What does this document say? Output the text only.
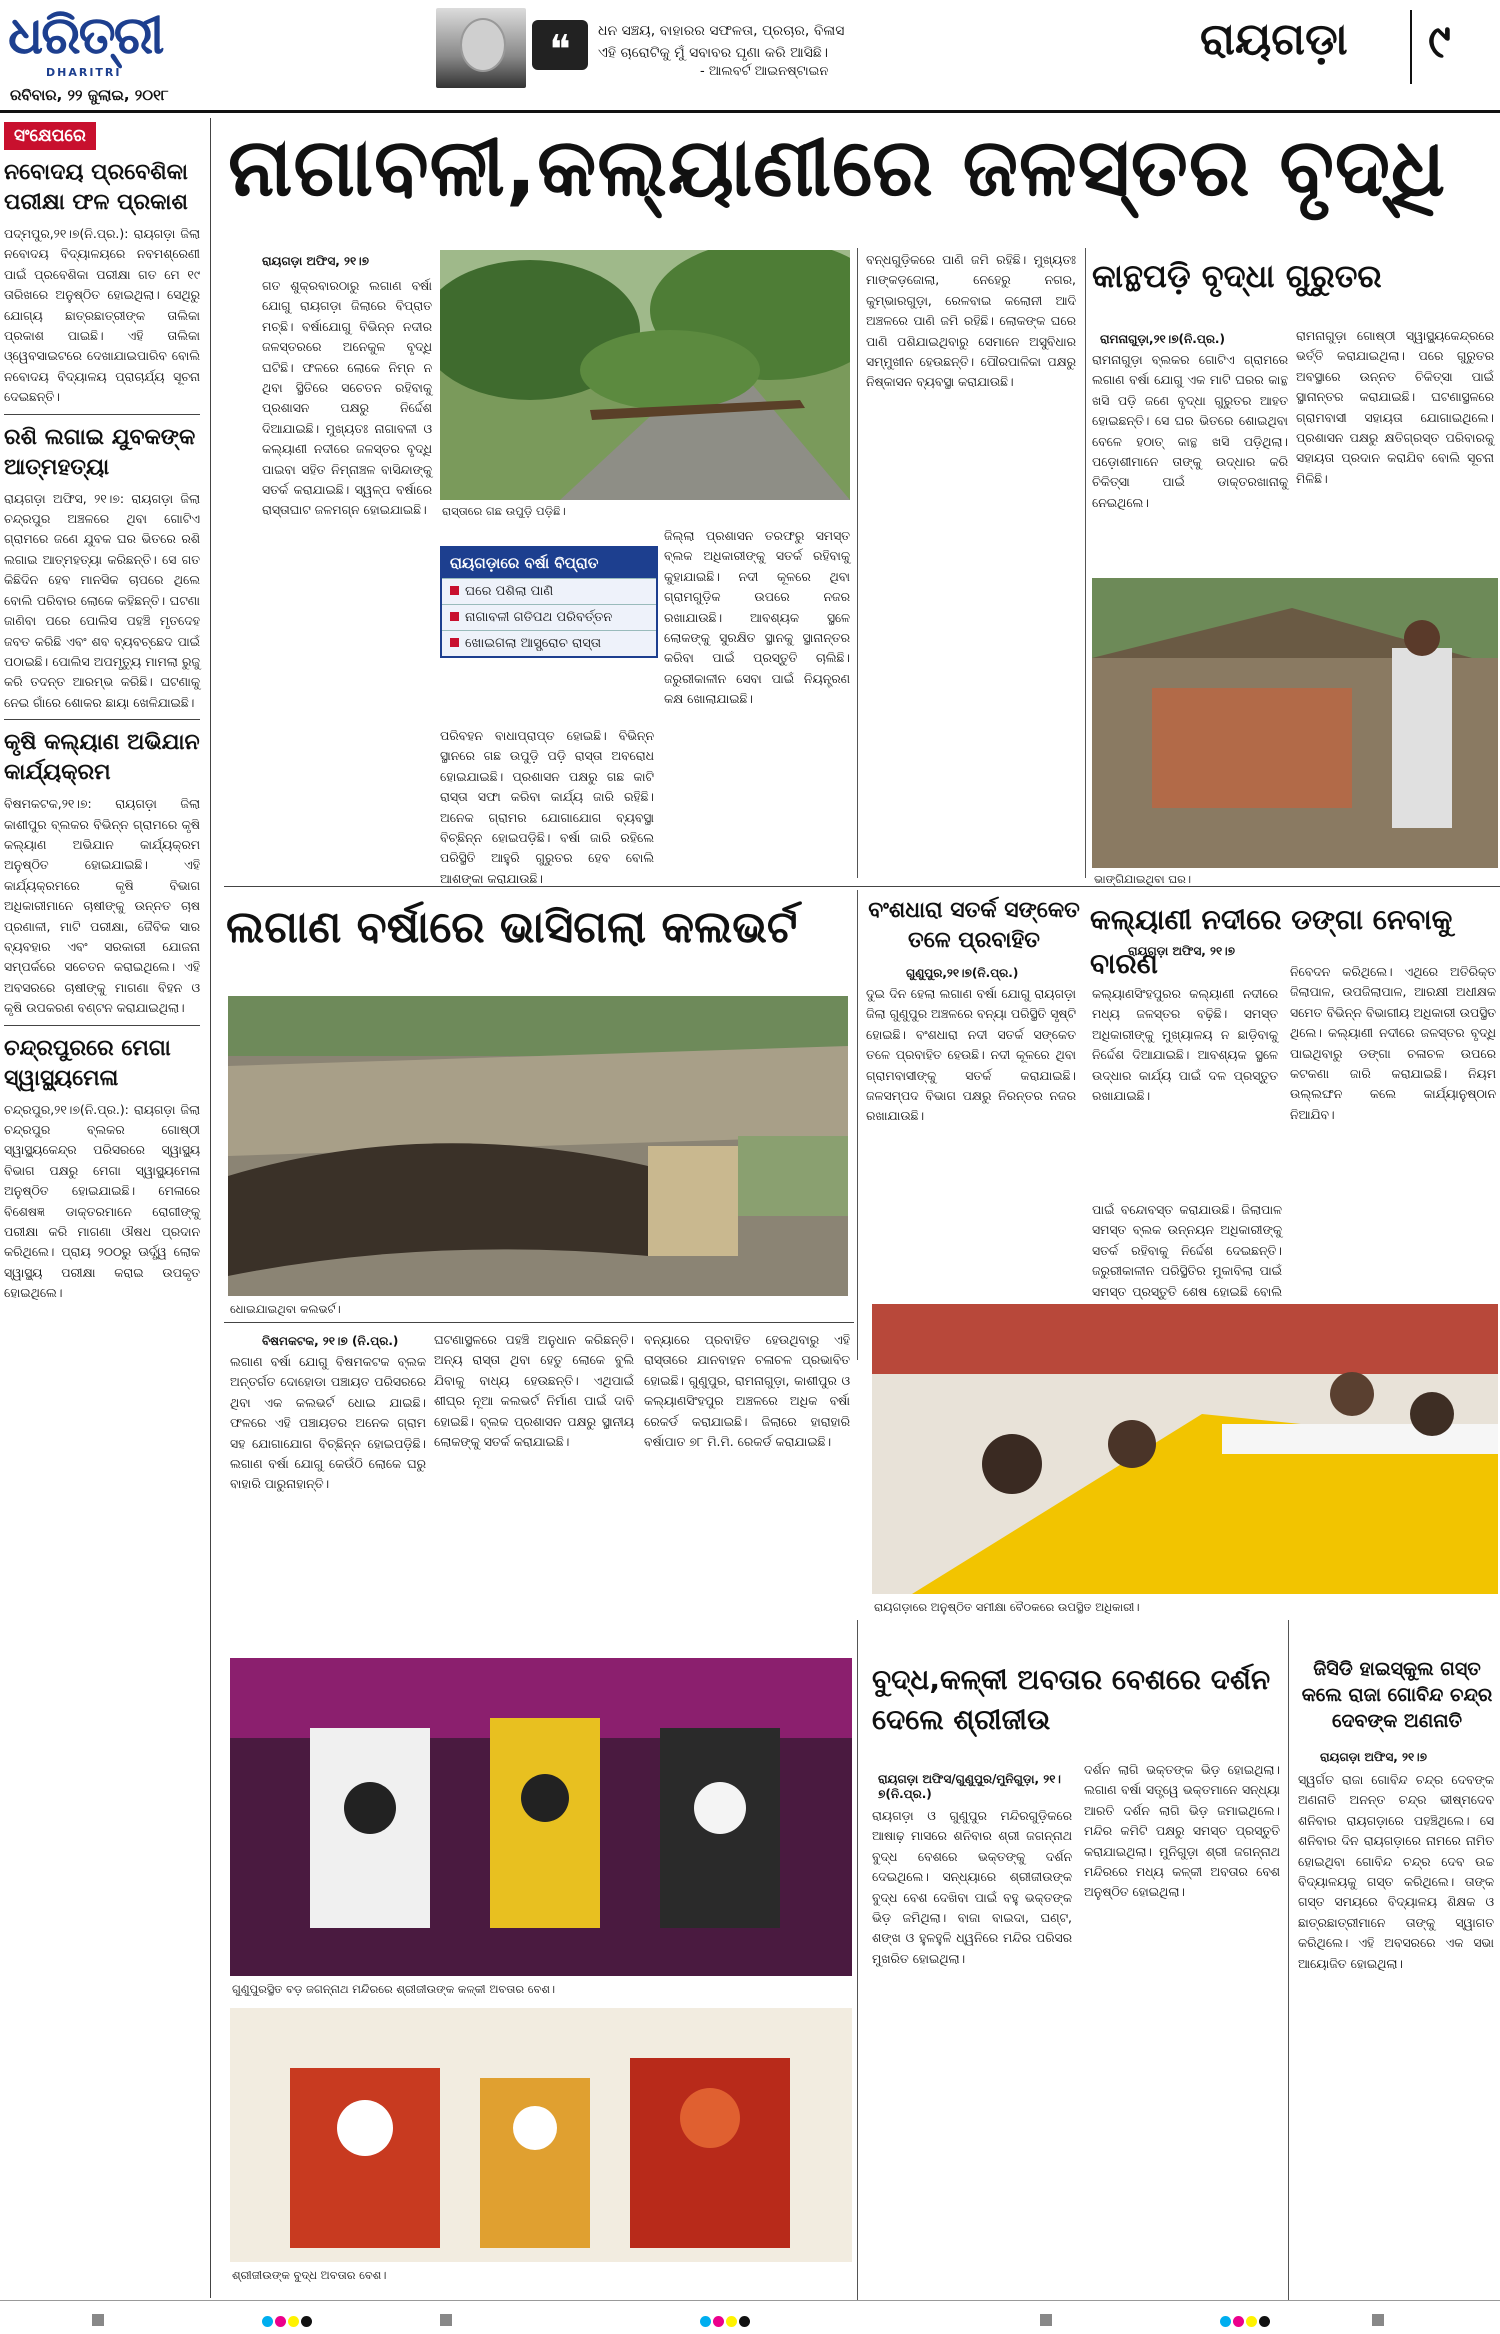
ଧରିତ୍ରୀ
DHARITRI
ରବିବାର, ୨୨ ଜୁଲାଇ, ୨୦୧୮
❝	ଧନ ସଞ୍ଚୟ, ବାହାରର ସଫଳତା, ପ୍ରଚାର, ବିଳାସ
ଏହି ଚାରୋଟିକୁ ମୁଁ ସବାବର ଘୃଣା କରି ଆସିଛି।
- ଆଲବର୍ଟ ଆଇନଷ୍ଟାଇନ
ରାୟଗଡ଼ା ୯
ସଂକ୍ଷେପରେ
ନବୋଦୟ ପ୍ରବେଶିକା ପରୀକ୍ଷା ଫଳ ପ୍ରକାଶ
ପଦ୍ମପୁର,୨୧।୭(ନି.ପ୍ର.): ରାୟଗଡ଼ା ଜିଲା ନବୋଦୟ ବିଦ୍ୟାଳୟରେ ନବମଶ୍ରେଣୀ ପାଇଁ ପ୍ରବେଶିକା ପରୀକ୍ଷା ଗତ ମେ ୧୯ ତାରିଖରେ ଅନୁଷ୍ଠିତ ହୋଇଥିଲା। ସେଥିରୁ ଯୋଗ୍ୟ ଛାତ୍ରଛାତ୍ରୀଙ୍କ ତାଲିକା ପ୍ରକାଶ ପାଇଛି। ଏହି ତାଲିକା ଓ୍ୱେବସାଇଟରେ ଦେଖାଯାଇପାରିବ ବୋଲି ନବୋଦୟ ବିଦ୍ୟାଳୟ ପ୍ରାଚାର୍ଯ୍ୟ ସୂଚନା ଦେଇଛନ୍ତି।
ରଶି ଲଗାଇ ଯୁବକଙ୍କ ଆତ୍ମହତ୍ୟା
ରାୟଗଡ଼ା ଅଫିସ, ୨୧।୭: ରାୟଗଡ଼ା ଜିଲା ଚନ୍ଦ୍ରପୁର ଅଞ୍ଚଳରେ ଥିବା ଗୋଟିଏ ଗ୍ରାମରେ ଜଣେ ଯୁବକ ଘର ଭିତରେ ରଶି ଲଗାଇ ଆତ୍ମହତ୍ୟା କରିଛନ୍ତି। ସେ ଗତ କିଛିଦିନ ହେବ ମାନସିକ ଚାପରେ ଥିଲେ ବୋଲି ପରିବାର ଲୋକେ କହିଛନ୍ତି। ଘଟଣା ଜାଣିବା ପରେ ପୋଲିସ ପହଞ୍ଚି ମୃତଦେହ ଜବତ କରିଛି ଏବଂ ଶବ ବ୍ୟବଚ୍ଛେଦ ପାଇଁ ପଠାଇଛି। ପୋଲିସ ଅପମୃତ୍ୟୁ ମାମଲା ରୁଜୁ କରି ତଦନ୍ତ ଆରମ୍ଭ କରିଛି। ଘଟଣାକୁ ନେଇ ଗାଁରେ ଶୋକର ଛାୟା ଖେଳିଯାଇଛି।
କୃଷି କଲ୍ୟାଣ ଅଭିଯାନ କାର୍ଯ୍ୟକ୍ରମ
ବିଷମକଟକ,୨୧।୭: ରାୟଗଡ଼ା ଜିଲା କାଶୀପୁର ବ୍ଲକର ବିଭିନ୍ନ ଗ୍ରାମରେ କୃଷି କଲ୍ୟାଣ ଅଭିଯାନ କାର୍ଯ୍ୟକ୍ରମ ଅନୁଷ୍ଠିତ ହୋଇଯାଇଛି। ଏହି କାର୍ଯ୍ୟକ୍ରମରେ କୃଷି ବିଭାଗ ଅଧିକାରୀମାନେ ଚାଷୀଙ୍କୁ ଉନ୍ନତ ଚାଷ ପ୍ରଣାଳୀ, ମାଟି ପରୀକ୍ଷା, ଜୈବିକ ସାର ବ୍ୟବହାର ଏବଂ ସରକାରୀ ଯୋଜନା ସମ୍ପର୍କରେ ସଚେତନ କରାଇଥିଲେ। ଏହି ଅବସରରେ ଚାଷୀଙ୍କୁ ମାଗଣା ବିହନ ଓ କୃଷି ଉପକରଣ ବଣ୍ଟନ କରାଯାଇଥିଲା।
ଚନ୍ଦ୍ରପୁରରେ ମେଗା ସ୍ୱାସ୍ଥ୍ୟମେଳା
ଚନ୍ଦ୍ରପୁର,୨୧।୭(ନି.ପ୍ର.): ରାୟଗଡ଼ା ଜିଲା ଚନ୍ଦ୍ରପୁର ବ୍ଲକର ଗୋଷ୍ଠୀ ସ୍ୱାସ୍ଥ୍ୟକେନ୍ଦ୍ର ପରିସରରେ ସ୍ୱାସ୍ଥ୍ୟ ବିଭାଗ ପକ୍ଷରୁ ମେଗା ସ୍ୱାସ୍ଥ୍ୟମେଳା ଅନୁଷ୍ଠିତ ହୋଇଯାଇଛି। ମେଳାରେ ବିଶେଷଜ୍ଞ ଡାକ୍ତରମାନେ ରୋଗୀଙ୍କୁ ପରୀକ୍ଷା କରି ମାଗଣା ଔଷଧ ପ୍ରଦାନ କରିଥିଲେ। ପ୍ରାୟ ୨୦୦ରୁ ଊର୍ଦ୍ଧ୍ୱ ଲୋକ ସ୍ୱାସ୍ଥ୍ୟ ପରୀକ୍ଷା କରାଇ ଉପକୃତ ହୋଇଥିଲେ।
ନାଗାବଳୀ,କଲ୍ୟାଣୀରେ ଜଳସ୍ତର ବୃଦ୍ଧି
ରାୟଗଡ଼ା ଅଫିସ, ୨୧।୭
ରାସ୍ତାରେ ଗଛ ଉପୁଡ଼ି ପଡ଼ିଛି।
ଗତ ଶୁକ୍ରବାରଠାରୁ ଲଗାଣ ବର୍ଷା ଯୋଗୁ ରାୟଗଡ଼ା ଜିଲାରେ ବିପ୍ରାତ ମଚ୍ଛି। ବର୍ଷାଯୋଗୁ ବିଭିନ୍ନ ନଦୀର ଜଳସ୍ତରରେ ଅନେକୁଳ ବୃଦ୍ଧି ଘଟିଛି। ଫଳରେ ଲୋକେ ନିମ୍ନ ନ ଥିବା ସ୍ଥିତିରେ ସଚେତନ ରହିବାକୁ ପ୍ରଶାସନ ପକ୍ଷରୁ ନିର୍ଦ୍ଦେଶ ଦିଆଯାଇଛି। ମୁଖ୍ୟତଃ ନାଗାବଳୀ ଓ କଲ୍ୟାଣୀ ନଦୀରେ ଜଳସ୍ତର ବୃଦ୍ଧି ପାଇବା ସହିତ ନିମ୍ନାଞ୍ଚଳ ବାସିନ୍ଦାଙ୍କୁ ସତର୍କ କରାଯାଇଛି। ସ୍ୱଳ୍ପ ବର୍ଷାରେ ରାସ୍ତାଘାଟ ଜଳମଗ୍ନ ହୋଇଯାଇଛି।
ପରିବହନ ବାଧାପ୍ରାପ୍ତ ହୋଇଛି। ବିଭିନ୍ନ ସ୍ଥାନରେ ଗଛ ଉପୁଡ଼ି ପଡ଼ି ରାସ୍ତା ଅବରୋଧ ହୋଇଯାଇଛି। ପ୍ରଶାସନ ପକ୍ଷରୁ ଗଛ କାଟି ରାସ୍ତା ସଫା କରିବା କାର୍ଯ୍ୟ ଜାରି ରହିଛି। ଅନେକ ଗ୍ରାମର ଯୋଗାଯୋଗ ବ୍ୟବସ୍ଥା ବିଚ୍ଛିନ୍ନ ହୋଇପଡ଼ିଛି। ବର୍ଷା ଜାରି ରହିଲେ ପରିସ୍ଥିତି ଆହୁରି ଗୁରୁତର ହେବ ବୋଲି ଆଶଙ୍କା କରାଯାଉଛି।
ଜିଲ୍ଲା ପ୍ରଶାସନ ତରଫରୁ ସମସ୍ତ ବ୍ଲକ ଅଧିକାରୀଙ୍କୁ ସତର୍କ ରହିବାକୁ କୁହାଯାଇଛି। ନଦୀ କୂଳରେ ଥିବା ଗ୍ରାମଗୁଡ଼ିକ ଉପରେ ନଜର ରଖାଯାଉଛି। ଆବଶ୍ୟକ ସ୍ଥଳେ ଲୋକଙ୍କୁ ସୁରକ୍ଷିତ ସ୍ଥାନକୁ ସ୍ଥାନାନ୍ତର କରିବା ପାଇଁ ପ୍ରସ୍ତୁତି ଚାଲିଛି। ଜରୁରୀକାଳୀନ ସେବା ପାଇଁ ନିୟନ୍ତ୍ରଣ କକ୍ଷ ଖୋଲାଯାଇଛି।
ବନ୍ଧଗୁଡ଼ିକରେ ପାଣି ଜମି ରହିଛି। ମୁଖ୍ୟତଃ ମାଙ୍କଡ଼ଜୋଲା, ନେହେରୁ ନଗର, କୁମ୍ଭାରଗୁଡ଼ା, ରେଳବାଇ କଲୋନୀ ଆଦି ଅଞ୍ଚଳରେ ପାଣି ଜମି ରହିଛି। ଲୋକଙ୍କ ଘରେ ପାଣି ପଶିଯାଇଥିବାରୁ ସେମାନେ ଅସୁବିଧାର ସମ୍ମୁଖୀନ ହେଉଛନ୍ତି। ପୌରପାଳିକା ପକ୍ଷରୁ ନିଷ୍କାସନ ବ୍ୟବସ୍ଥା କରାଯାଉଛି।
ରାୟଗଡ଼ାରେ ବର୍ଷା ବିପ୍ରାତ
ଘରେ ପଶିଲା ପାଣି
ନାଗାବଳୀ ଗତିପଥ ପରିବର୍ତ୍ତନ
ଖୋଇଗଲା ଆସ୍ପ୍ରୋଚ ରାସ୍ତା
କାନ୍ଥପଡ଼ି ବୃଦ୍ଧା ଗୁରୁତର
ରାମନାଗୁଡ଼ା,୨୧।୭(ନି.ପ୍ର.)
ରାମନାଗୁଡ଼ା ବ୍ଲକର ଗୋଟିଏ ଗ୍ରାମରେ ଲଗାଣ ବର୍ଷା ଯୋଗୁ ଏକ ମାଟି ଘରର କାନ୍ଥ ଖସି ପଡ଼ି ଜଣେ ବୃଦ୍ଧା ଗୁରୁତର ଆହତ ହୋଇଛନ୍ତି। ସେ ଘର ଭିତରେ ଶୋଇଥିବା ବେଳେ ହଠାତ୍ କାନ୍ଥ ଖସି ପଡ଼ିଥିଲା। ପଡ଼ୋଶୀମାନେ ତାଙ୍କୁ ଉଦ୍ଧାର କରି ଚିକିତ୍ସା ପାଇଁ ଡାକ୍ତରଖାନାକୁ ନେଇଥିଲେ।
ରାମନାଗୁଡ଼ା ଗୋଷ୍ଠୀ ସ୍ୱାସ୍ଥ୍ୟକେନ୍ଦ୍ରରେ ଭର୍ତ୍ତି କରାଯାଇଥିଲା। ପରେ ଗୁରୁତର ଅବସ୍ଥାରେ ଉନ୍ନତ ଚିକିତ୍ସା ପାଇଁ ସ୍ଥାନାନ୍ତର କରାଯାଇଛି। ଘଟଣାସ୍ଥଳରେ ଗ୍ରାମବାସୀ ସହାୟତା ଯୋଗାଇଥିଲେ। ପ୍ରଶାସନ ପକ୍ଷରୁ କ୍ଷତିଗ୍ରସ୍ତ ପରିବାରକୁ ସହାୟତା ପ୍ରଦାନ କରାଯିବ ବୋଲି ସୂଚନା ମିଳିଛି।
ଭାଙ୍ଗିଯାଇଥିବା ଘର।
ଲଗାଣ ବର୍ଷାରେ ଭାସିଗଲା କଲଭର୍ଟ
ଧୋଇଯାଇଥିବା କଲଭର୍ଟ।
ବିଷମକଟକ, ୨୧।୭ (ନି.ପ୍ର.)
ଲଗାଣ ବର୍ଷା ଯୋଗୁ ବିଷମକଟକ ବ୍ଲକ ଅନ୍ତର୍ଗତ ଦୋହୋଡା ପଞ୍ଚାୟତ ପରିସରରେ ଥିବା ଏକ କଲଭର୍ଟ ଧୋଇ ଯାଇଛି। ଫଳରେ ଏହି ପଞ୍ଚାୟତର ଅନେକ ଗ୍ରାମ ସହ ଯୋଗାଯୋଗ ବିଚ୍ଛିନ୍ନ ହୋଇପଡ଼ିଛି। ଲଗାଣ ବର୍ଷା ଯୋଗୁ କେଉଁଠି ଲୋକେ ଘରୁ ବାହାରି ପାରୁନାହାନ୍ତି।
ଘଟଣାସ୍ଥଳରେ ପହଞ୍ଚି ଅନୁଧାନ କରିଛନ୍ତି। ଅନ୍ୟ ରାସ୍ତା ଥିବା ହେତୁ ଲୋକେ ବୁଲି ଯିବାକୁ ବାଧ୍ୟ ହେଉଛନ୍ତି। ଏଥିପାଇଁ ଶୀଘ୍ର ନୂଆ କଲଭର୍ଟ ନିର୍ମାଣ ପାଇଁ ଦାବି ହୋଇଛି। ବ୍ଲକ ପ୍ରଶାସନ ପକ୍ଷରୁ ସ୍ଥାନୀୟ ଲୋକଙ୍କୁ ସତର୍କ କରାଯାଇଛି।
ବନ୍ୟାରେ ପ୍ରବାହିତ ହେଉଥିବାରୁ ଏହି ରାସ୍ତାରେ ଯାନବାହନ ଚଳାଚଳ ପ୍ରଭାବିତ ହୋଇଛି। ଗୁଣୁପୁର, ରାମନାଗୁଡ଼ା, କାଶୀପୁର ଓ କଲ୍ୟାଣସିଂହପୁର ଅଞ୍ଚଳରେ ଅଧିକ ବର୍ଷା ରେକର୍ଡ କରାଯାଇଛି। ଜିଲାରେ ହାରାହାରି ବର୍ଷାପାତ ୭୮ ମି.ମି. ରେକର୍ଡ କରାଯାଇଛି।
ବଂଶଧାରା ସତର୍କ ସଙ୍କେତ ତଳେ ପ୍ରବାହିତ
ଗୁଣୁପୁର,୨୧।୭(ନି.ପ୍ର.)
ଦୁଇ ଦିନ ହେଲା ଲଗାଣ ବର୍ଷା ଯୋଗୁ ରାୟଗଡ଼ା ଜିଲା ଗୁଣୁପୁର ଅଞ୍ଚଳରେ ବନ୍ୟା ପରିସ୍ଥିତି ସୃଷ୍ଟି ହୋଇଛି। ବଂଶଧାରା ନଦୀ ସତର୍କ ସଙ୍କେତ ତଳେ ପ୍ରବାହିତ ହେଉଛି। ନଦୀ କୂଳରେ ଥିବା ଗ୍ରାମବାସୀଙ୍କୁ ସତର୍କ କରାଯାଇଛି। ଜଳସମ୍ପଦ ବିଭାଗ ପକ୍ଷରୁ ନିରନ୍ତର ନଜର ରଖାଯାଉଛି।
କଲ୍ୟାଣସିଂହପୁରର କଲ୍ୟାଣୀ ନଦୀରେ ମଧ୍ୟ ଜଳସ୍ତର ବଢ଼ିଛି। ସମସ୍ତ ଅଧିକାରୀଙ୍କୁ ମୁଖ୍ୟାଳୟ ନ ଛାଡ଼ିବାକୁ ନିର୍ଦ୍ଦେଶ ଦିଆଯାଇଛି। ଆବଶ୍ୟକ ସ୍ଥଳେ ଉଦ୍ଧାର କାର୍ଯ୍ୟ ପାଇଁ ଦଳ ପ୍ରସ୍ତୁତ ରଖାଯାଇଛି।
କଲ୍ୟାଣୀ ନଦୀରେ ଡଙ୍ଗା ନେବାକୁ ବାରଣ
ରାୟଗଡ଼ା ଅଫିସ, ୨୧।୭
ନିବେଦନ କରିଥିଲେ। ଏଥିରେ ଅତିରିକ୍ତ ଜିଲାପାଳ, ଉପଜିଲାପାଳ, ଆରକ୍ଷୀ ଅଧୀକ୍ଷକ ସମେତ ବିଭିନ୍ନ ବିଭାଗୀୟ ଅଧିକାରୀ ଉପସ୍ଥିତ ଥିଲେ। କଲ୍ୟାଣୀ ନଦୀରେ ଜଳସ୍ତର ବୃଦ୍ଧି ପାଇଥିବାରୁ ଡଙ୍ଗା ଚଳାଚଳ ଉପରେ କଟକଣା ଜାରି କରାଯାଇଛି। ନିୟମ ଉଲ୍ଲଙ୍ଘନ କଲେ କାର୍ଯ୍ୟାନୁଷ୍ଠାନ ନିଆଯିବ।
ପାଇଁ ବନ୍ଦୋବସ୍ତ କରାଯାଉଛି। ଜିଲାପାଳ ସମସ୍ତ ବ୍ଲକ ଉନ୍ନୟନ ଅଧିକାରୀଙ୍କୁ ସତର୍କ ରହିବାକୁ ନିର୍ଦ୍ଦେଶ ଦେଇଛନ୍ତି। ଜରୁରୀକାଳୀନ ପରିସ୍ଥିତିର ମୁକାବିଲା ପାଇଁ ସମସ୍ତ ପ୍ରସ୍ତୁତି ଶେଷ ହୋଇଛି ବୋଲି
ରାୟଗଡ଼ାରେ ଅନୁଷ୍ଠିତ ସମୀକ୍ଷା ବୈଠକରେ ଉପସ୍ଥିତ ଅଧିକାରୀ।
ଗୁଣୁପୁରସ୍ଥିତ ବଡ଼ ଜଗନ୍ନାଥ ମନ୍ଦିରରେ ଶ୍ରୀଜୀଉଙ୍କ କଳ୍କୀ ଅବତାର ବେଶ।
ଶ୍ରୀଜୀଉଙ୍କ ବୁଦ୍ଧ ଅବତାର ବେଶ।
ବୁଦ୍ଧ,କଳ୍କୀ ଅବତାର ବେଶରେ ଦର୍ଶନ ଦେଲେ ଶ୍ରୀଜୀଉ
ରାୟଗଡ଼ା ଅଫିସ/ଗୁଣୁପୁର/ମୁନିଗୁଡ଼ା, ୨୧।୭(ନି.ପ୍ର.)
ରାୟଗଡ଼ା ଓ ଗୁଣୁପୁର ମନ୍ଦିରଗୁଡ଼ିକରେ ଆଷାଢ଼ ମାସରେ ଶନିବାର ଶ୍ରୀ ଜଗନ୍ନାଥ ବୁଦ୍ଧ ବେଶରେ ଭକ୍ତଙ୍କୁ ଦର୍ଶନ ଦେଇଥିଲେ। ସନ୍ଧ୍ୟାରେ ଶ୍ରୀଜୀଉଙ୍କ ବୁଦ୍ଧ ବେଶ ଦେଖିବା ପାଇଁ ବହୁ ଭକ୍ତଙ୍କ ଭିଡ଼ ଜମିଥିଲା। ବାଜା ବାଇଦା, ଘଣ୍ଟ, ଶଙ୍ଖ ଓ ହୁଳହୁଳି ଧ୍ୱନିରେ ମନ୍ଦିର ପରିସର ମୁଖରିତ ହୋଇଥିଲା।
ଦର୍ଶନ ଲାଗି ଭକ୍ତଙ୍କ ଭିଡ଼ ହୋଇଥିଲା। ଲଗାଣ ବର୍ଷା ସତ୍ତ୍ୱେ ଭକ୍ତମାନେ ସନ୍ଧ୍ୟା ଆରତି ଦର୍ଶନ ଲାଗି ଭିଡ଼ ଜମାଇଥିଲେ। ମନ୍ଦିର କମିଟି ପକ୍ଷରୁ ସମସ୍ତ ପ୍ରସ୍ତୁତି କରାଯାଇଥିଲା। ମୁନିଗୁଡ଼ା ଶ୍ରୀ ଜଗନ୍ନାଥ ମନ୍ଦିରରେ ମଧ୍ୟ କଳ୍କୀ ଅବତାର ବେଶ ଅନୁଷ୍ଠିତ ହୋଇଥିଲା।
ଜିସିଡି ହାଇସ୍କୁଲ ଗସ୍ତ କଲେ ରାଜା ଗୋବିନ୍ଦ ଚନ୍ଦ୍ର ଦେବଙ୍କ ଅଣନାତି
ରାୟଗଡ଼ା ଅଫିସ, ୨୧।୭
ସ୍ୱର୍ଗତ ରାଜା ଗୋବିନ୍ଦ ଚନ୍ଦ୍ର ଦେବଙ୍କ ଅଣନାତି ଅନନ୍ତ ଚନ୍ଦ୍ର ଭୀଷ୍ମଦେବ ଶନିବାର ରାୟଗଡ଼ାରେ ପହଞ୍ଚିଥିଲେ। ସେ ଶନିବାର ଦିନ ରାୟଗଡ଼ାରେ ନାମରେ ନାମିତ ହୋଇଥିବା ଗୋବିନ୍ଦ ଚନ୍ଦ୍ର ଦେବ ଉଚ୍ଚ ବିଦ୍ୟାଳୟକୁ ଗସ୍ତ କରିଥିଲେ। ତାଙ୍କ ଗସ୍ତ ସମୟରେ ବିଦ୍ୟାଳୟ ଶିକ୍ଷକ ଓ ଛାତ୍ରଛାତ୍ରୀମାନେ ତାଙ୍କୁ ସ୍ୱାଗତ କରିଥିଲେ। ଏହି ଅବସରରେ ଏକ ସଭା ଆୟୋଜିତ ହୋଇଥିଲା।
